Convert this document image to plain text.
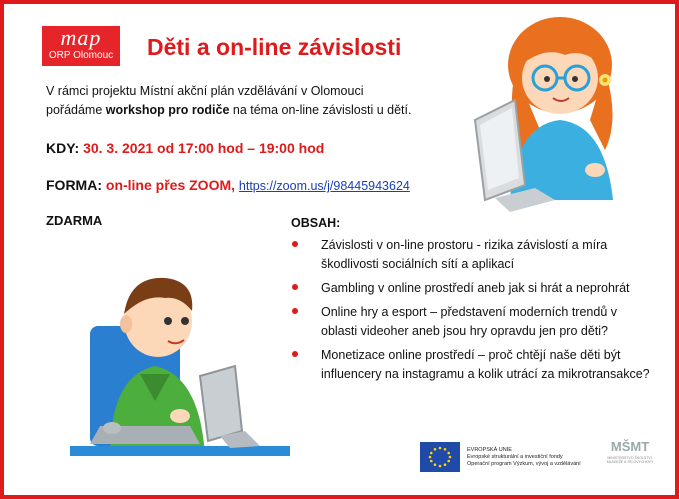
map
ORP Olomouc Děti a on-line závislosti
V rámci projektu Místní akční plán vzdělávání v Olomouci
pořádáme workshop pro rodiče na téma on-line závislosti u dětí.
KDY: 30. 3. 2021 od 17:00 hod – 19:00 hod
FORMA: on-line přes ZOOM, https://zoom.us/j/98445943624
ZDARMA	OBSAH:
Závislosti v on-line prostoru - rizika závislostí a míra škodlivosti sociálních sítí a aplikací
Gambling v online prostředí aneb jak si hrát a neprohrát
Online hry a esport – představení moderních trendů v oblasti videoher aneb jsou hry opravdu jen pro děti?
Monetizace online prostředí – proč chtějí naše děti být influencery na instagramu a kolik utrácí za mikrotransakce?
EVROPSKÁ UNIE
Evropské strukturální a investiční fondy
Operační program Výzkum, vývoj a vzdělávání
MŠMT
MINISTERSTVO ŠKOLSTVÍ, MLÁDEŽE A TĚLOVÝCHOVY
